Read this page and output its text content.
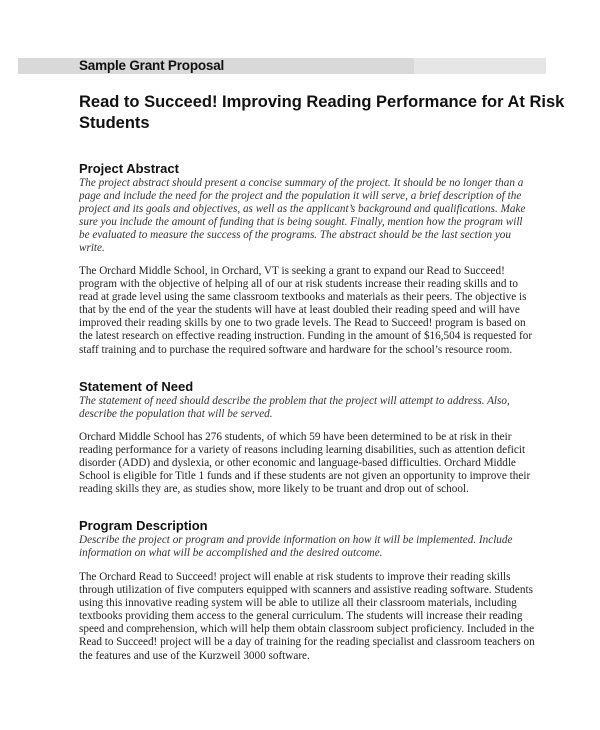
Sample Grant Proposal
Read to Succeed! Improving Reading Performance for At Risk
Students
Project Abstract
The project abstract should present a concise summary of the project. It should be no longer than a
page and include the need for the project and the population it will serve, a brief description of the
project and its goals and objectives, as well as the applicant’s background and qualifications. Make
sure you include the amount of funding that is being sought. Finally, mention how the program will
be evaluated to measure the success of the programs. The abstract should be the last section you
write.
The Orchard Middle School, in Orchard, VT is seeking a grant to expand our Read to Succeed!
program with the objective of helping all of our at risk students increase their reading skills and to
read at grade level using the same classroom textbooks and materials as their peers. The objective is
that by the end of the year the students will have at least doubled their reading speed and will have
improved their reading skills by one to two grade levels. The Read to Succeed! program is based on
the latest research on effective reading instruction. Funding in the amount of $16,504 is requested for
staff training and to purchase the required software and hardware for the school’s resource room.
Statement of Need
The statement of need should describe the problem that the project will attempt to address. Also,
describe the population that will be served.
Orchard Middle School has 276 students, of which 59 have been determined to be at risk in their
reading performance for a variety of reasons including learning disabilities, such as attention deficit
disorder (ADD) and dyslexia, or other economic and language-based difficulties. Orchard Middle
School is eligible for Title 1 funds and if these students are not given an opportunity to improve their
reading skills they are, as studies show, more likely to be truant and drop out of school.
Program Description
Describe the project or program and provide information on how it will be implemented. Include
information on what will be accomplished and the desired outcome.
The Orchard Read to Succeed! project will enable at risk students to improve their reading skills
through utilization of five computers equipped with scanners and assistive reading software. Students
using this innovative reading system will be able to utilize all their classroom materials, including
textbooks providing them access to the general curriculum. The students will increase their reading
speed and comprehension, which will help them obtain classroom subject proficiency. Included in the
Read to Succeed! project will be a day of training for the reading specialist and classroom teachers on
the features and use of the Kurzweil 3000 software.
